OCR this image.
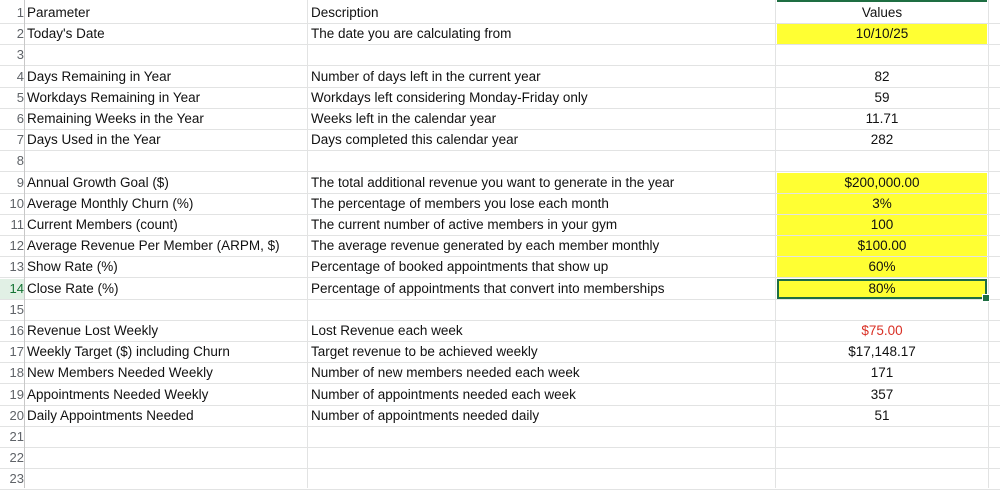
1 Parameter	Description	Values
2 Today's Date	The date you are calculating from	10/10/25
3
4 Days Remaining in Year	Number of days left in the current year	82
5 Workdays Remaining in Year	Workdays left considering Monday-Friday only	59
6 Remaining Weeks in the Year	Weeks left in the calendar year	11.71
7 Days Used in the Year	Days completed this calendar year	282
8
9 Annual Growth Goal ($)	The total additional revenue you want to generate in the year	$200,000.00
10 Average Monthly Churn (%)	The percentage of members you lose each month	3%
11 Current Members (count)	The current number of active members in your gym	100
12 Average Revenue Per Member (ARPM, $)	The average revenue generated by each member monthly	$100.00
13 Show Rate (%)	Percentage of booked appointments that show up	60%
14 Close Rate (%)	Percentage of appointments that convert into memberships	80%
15
16 Revenue Lost Weekly	Lost Revenue each week	$75.00
17 Weekly Target ($) including Churn	Target revenue to be achieved weekly	$17,148.17
18 New Members Needed Weekly	Number of new members needed each week	171
19 Appointments Needed Weekly	Number of appointments needed each week	357
20 Daily Appointments Needed	Number of appointments needed daily	51
21
22
23
